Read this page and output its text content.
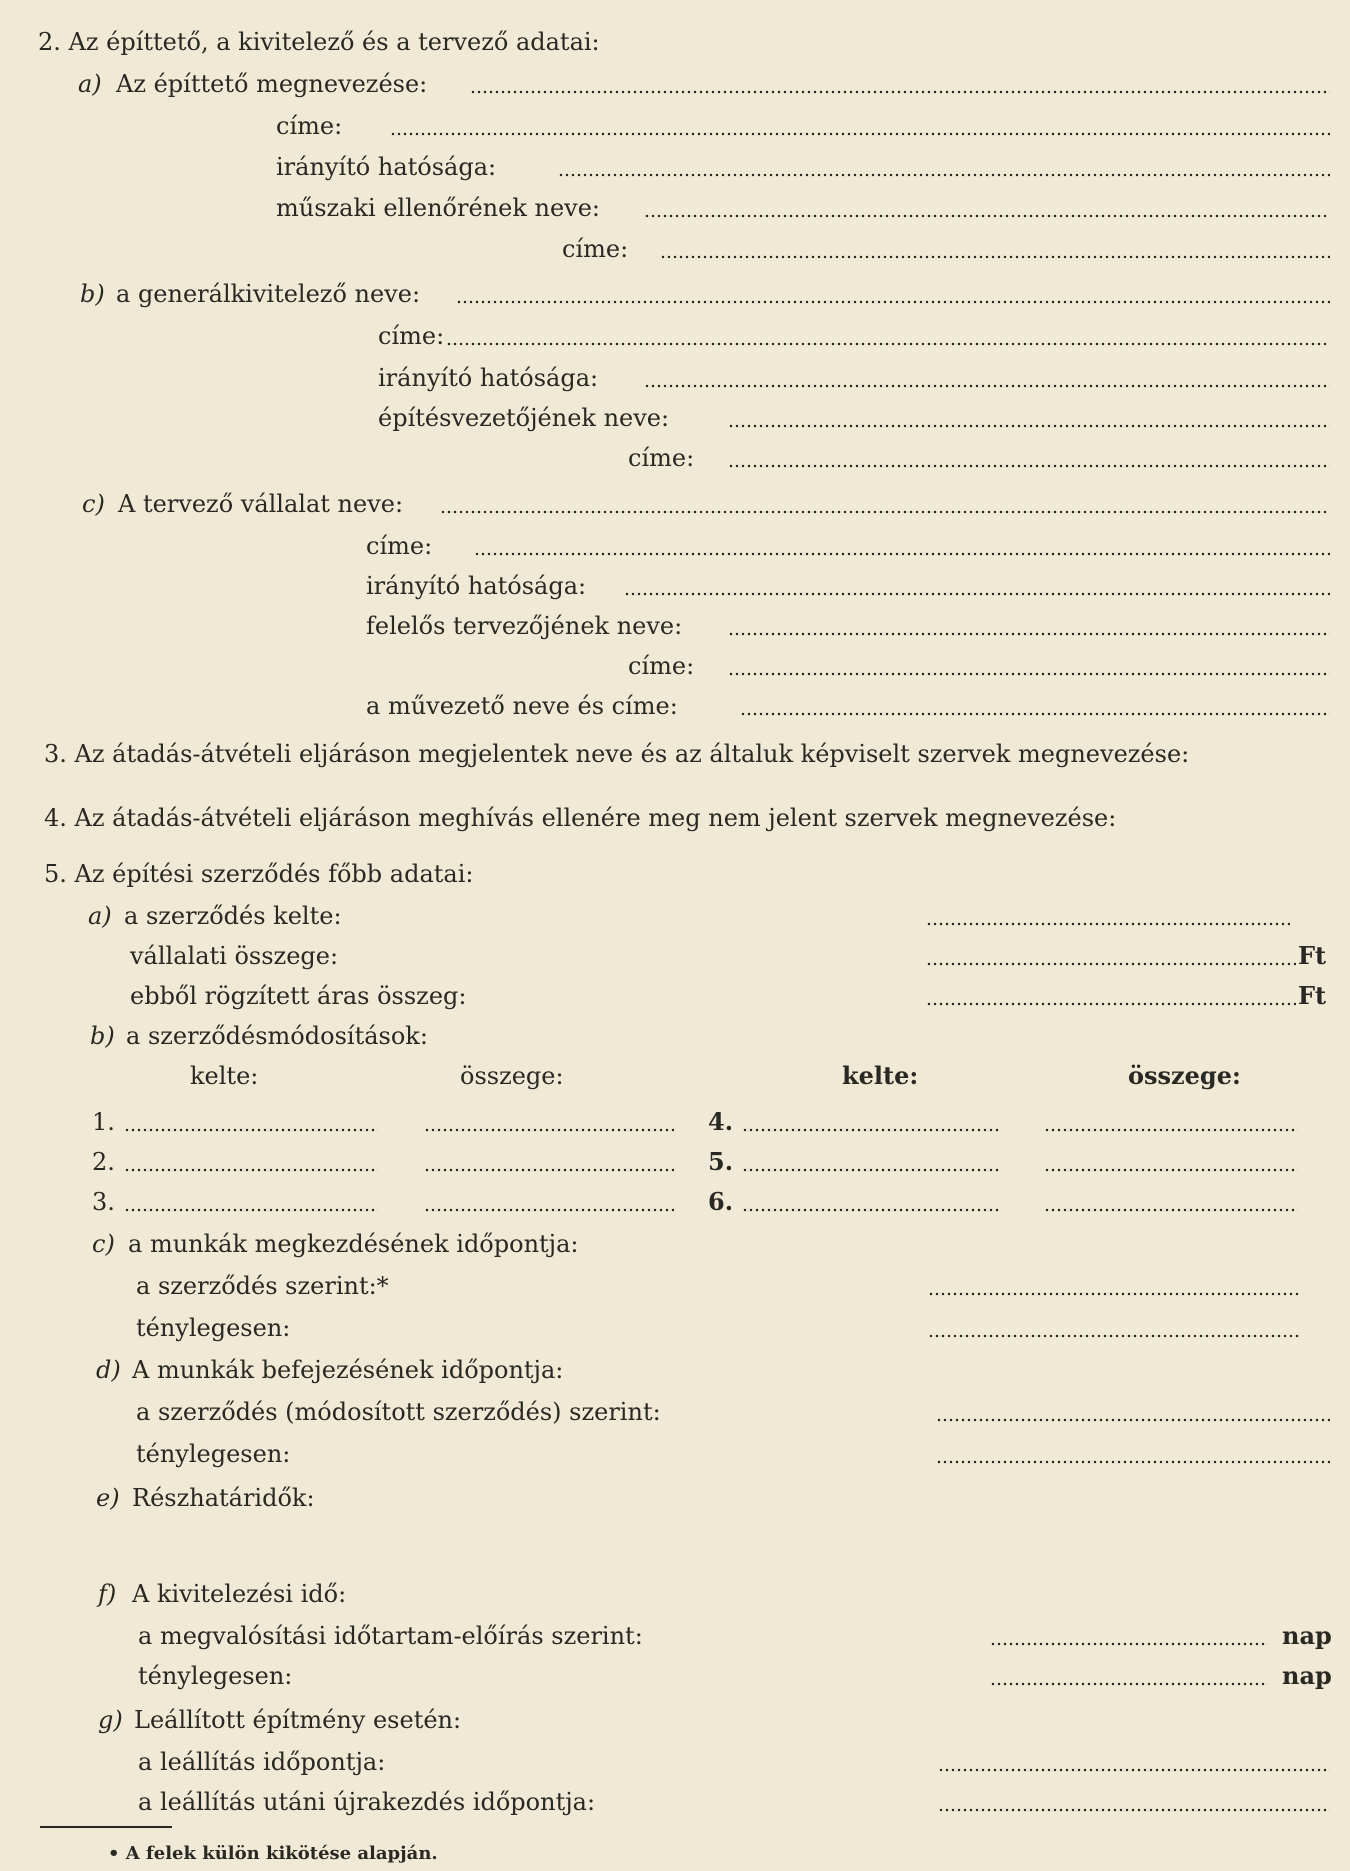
2. Az építtető, a kivitelező és a tervező adatai:
a) Az építtető megnevezése:
címe:
irányító hatósága:
műszaki ellenőrének neve:
címe:
b) a generálkivitelező neve:
címe:
irányító hatósága:
építésvezetőjének neve:
címe:
c) A tervező vállalat neve:
címe:
irányító hatósága:
felelős tervezőjének neve:
címe:
a művezető neve és címe:
3. Az átadás-átvételi eljáráson megjelentek neve és az általuk képviselt szervek megnevezése:
4. Az átadás-átvételi eljáráson meghívás ellenére meg nem jelent szervek megnevezése:
5. Az építési szerződés főbb adatai:
a) a szerződés kelte:
vállalati összege:	Ft
ebből rögzített áras összeg:	Ft
b) a szerződésmódosítások:
kelte:	összege:	kelte:	összege:
1.	4.
2.	5.
3.	6.
c) a munkák megkezdésének időpontja:
a szerződés szerint:*
ténylegesen:
d) A munkák befejezésének időpontja:
a szerződés (módosított szerződés) szerint:
ténylegesen:
e) Részhatáridők:
f) A kivitelezési idő:
a megvalósítási időtartam-előírás szerint:	nap
ténylegesen:	nap
g) Leállított építmény esetén:
a leállítás időpontja:
a leállítás utáni újrakezdés időpontja:
• A felek külön kikötése alapján.
